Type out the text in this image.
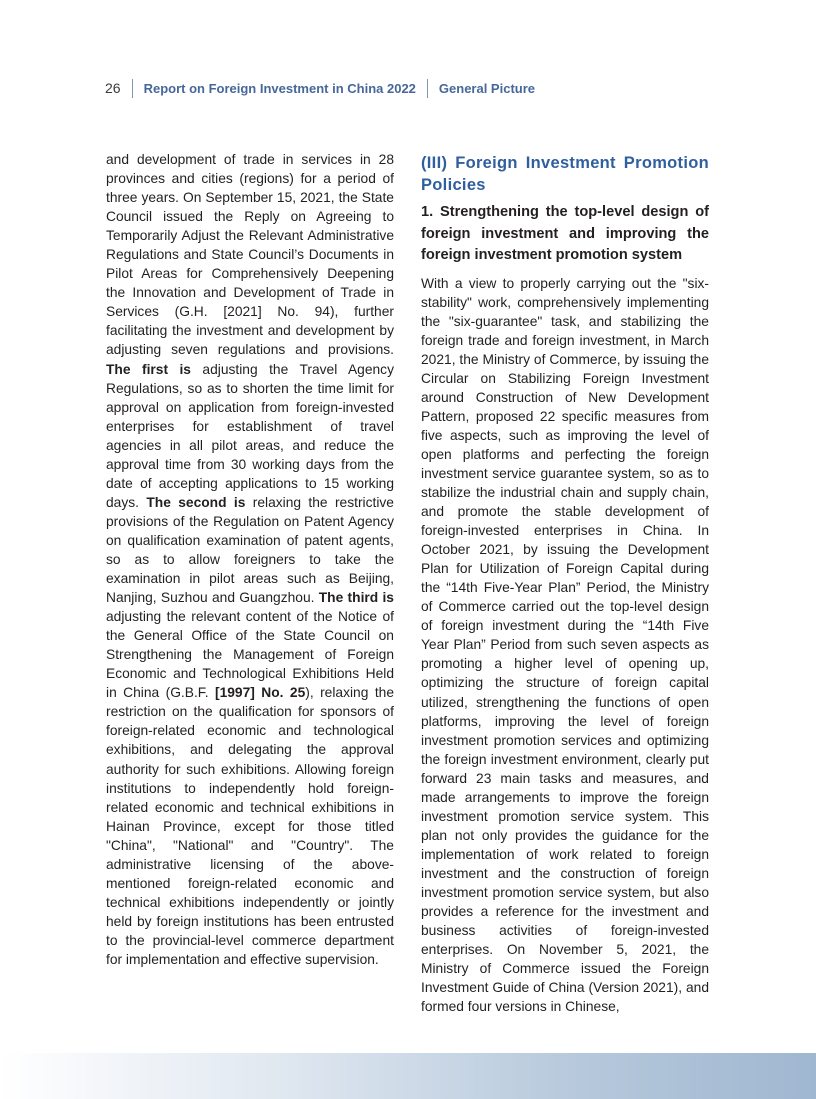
26 Report on Foreign Investment in China 2022 General Picture

and development of trade in services in 28 provinces and cities (regions) for a period of three years. On September 15, 2021, the State Council issued the Reply on Agreeing to Temporarily Adjust the Relevant Administrative Regulations and State Council’s Documents in Pilot Areas for Comprehensively Deepening the Innovation and Development of Trade in Services (G.H. [2021] No. 94), further facilitating the investment and development by adjusting seven regulations and provisions. The first is adjusting the Travel Agency Regulations, so as to shorten the time limit for approval on application from foreign-invested enterprises for establishment of travel agencies in all pilot areas, and reduce the approval time from 30 working days from the date of accepting applications to 15 working days. The second is relaxing the restrictive provisions of the Regulation on Patent Agency on qualification examination of patent agents, so as to allow foreigners to take the examination in pilot areas such as Beijing, Nanjing, Suzhou and Guangzhou. The third is adjusting the relevant content of the Notice of the General Office of the State Council on Strengthening the Management of Foreign Economic and Technological Exhibitions Held in China (G.B.F. [1997] No. 25), relaxing the restriction on the qualification for sponsors of foreign-related economic and technological exhibitions, and delegating the approval authority for such exhibitions. Allowing foreign institutions to independently hold foreign-related economic and technical exhibitions in Hainan Province, except for those titled "China", "National" and "Country". The administrative licensing of the above-mentioned foreign-related economic and technical exhibitions independently or jointly held by foreign institutions has been entrusted to the provincial-level commerce department for implementation and effective supervision.

(III) Foreign Investment Promotion Policies
1. Strengthening the top-level design of foreign investment and improving the foreign investment promotion system

With a view to properly carrying out the "six-stability" work, comprehensively implementing the "six-guarantee" task, and stabilizing the foreign trade and foreign investment, in March 2021, the Ministry of Commerce, by issuing the Circular on Stabilizing Foreign Investment around Construction of New Development Pattern, proposed 22 specific measures from five aspects, such as improving the level of open platforms and perfecting the foreign investment service guarantee system, so as to stabilize the industrial chain and supply chain, and promote the stable development of foreign-invested enterprises in China. In October 2021, by issuing the Development Plan for Utilization of Foreign Capital during the “14th Five-Year Plan” Period, the Ministry of Commerce carried out the top-level design of foreign investment during the “14th Five Year Plan” Period from such seven aspects as promoting a higher level of opening up, optimizing the structure of foreign capital utilized, strengthening the functions of open platforms, improving the level of foreign investment promotion services and optimizing the foreign investment environment, clearly put forward 23 main tasks and measures, and made arrangements to improve the foreign investment promotion service system. This plan not only provides the guidance for the implementation of work related to foreign investment and the construction of foreign investment promotion service system, but also provides a reference for the investment and business activities of foreign-invested enterprises. On November 5, 2021, the Ministry of Commerce issued the Foreign Investment Guide of China (Version 2021), and formed four versions in Chinese,
